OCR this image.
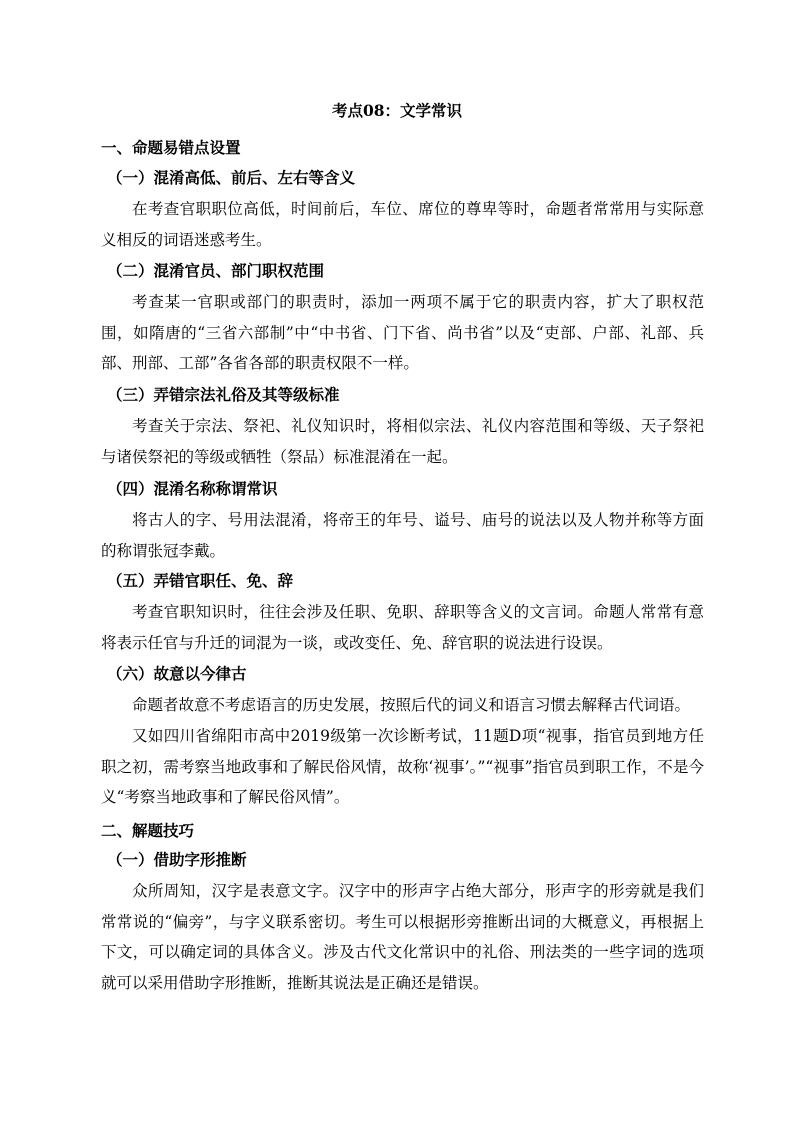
考点08：文学常识
一、命题易错点设置
（一）混淆高低、前后、左右等含义
在考查官职职位高低，时间前后，车位、席位的尊卑等时，命题者常常用与实际意义相反的词语迷惑考生。
（二）混淆官员、部门职权范围
考查某一官职或部门的职责时，添加一两项不属于它的职责内容，扩大了职权范围，如隋唐的“三省六部制”中“中书省、门下省、尚书省”以及“吏部、户部、礼部、兵部、刑部、工部”各省各部的职责权限不一样。
（三）弄错宗法礼俗及其等级标准
考查关于宗法、祭祀、礼仪知识时，将相似宗法、礼仪内容范围和等级、天子祭祀与诸侯祭祀的等级或牺牲（祭品）标准混淆在一起。
（四）混淆名称称谓常识
将古人的字、号用法混淆，将帝王的年号、谥号、庙号的说法以及人物并称等方面的称谓张冠李戴。
（五）弄错官职任、免、辞
考查官职知识时，往往会涉及任职、免职、辞职等含义的文言词。命题人常常有意将表示任官与升迁的词混为一谈，或改变任、免、辞官职的说法进行设误。
（六）故意以今律古
命题者故意不考虑语言的历史发展，按照后代的词义和语言习惯去解释古代词语。
又如四川省绵阳市高中2019级第一次诊断考试，11题D项“视事，指官员到地方任职之初，需考察当地政事和了解民俗风情，故称‘视事’。”“视事”指官员到职工作，不是今义“考察当地政事和了解民俗风情”。
二、解题技巧
（一）借助字形推断
众所周知，汉字是表意文字。汉字中的形声字占绝大部分，形声字的形旁就是我们常常说的“偏旁”，与字义联系密切。考生可以根据形旁推断出词的大概意义，再根据上下文，可以确定词的具体含义。涉及古代文化常识中的礼俗、刑法类的一些字词的选项就可以采用借助字形推断，推断其说法是正确还是错误。
